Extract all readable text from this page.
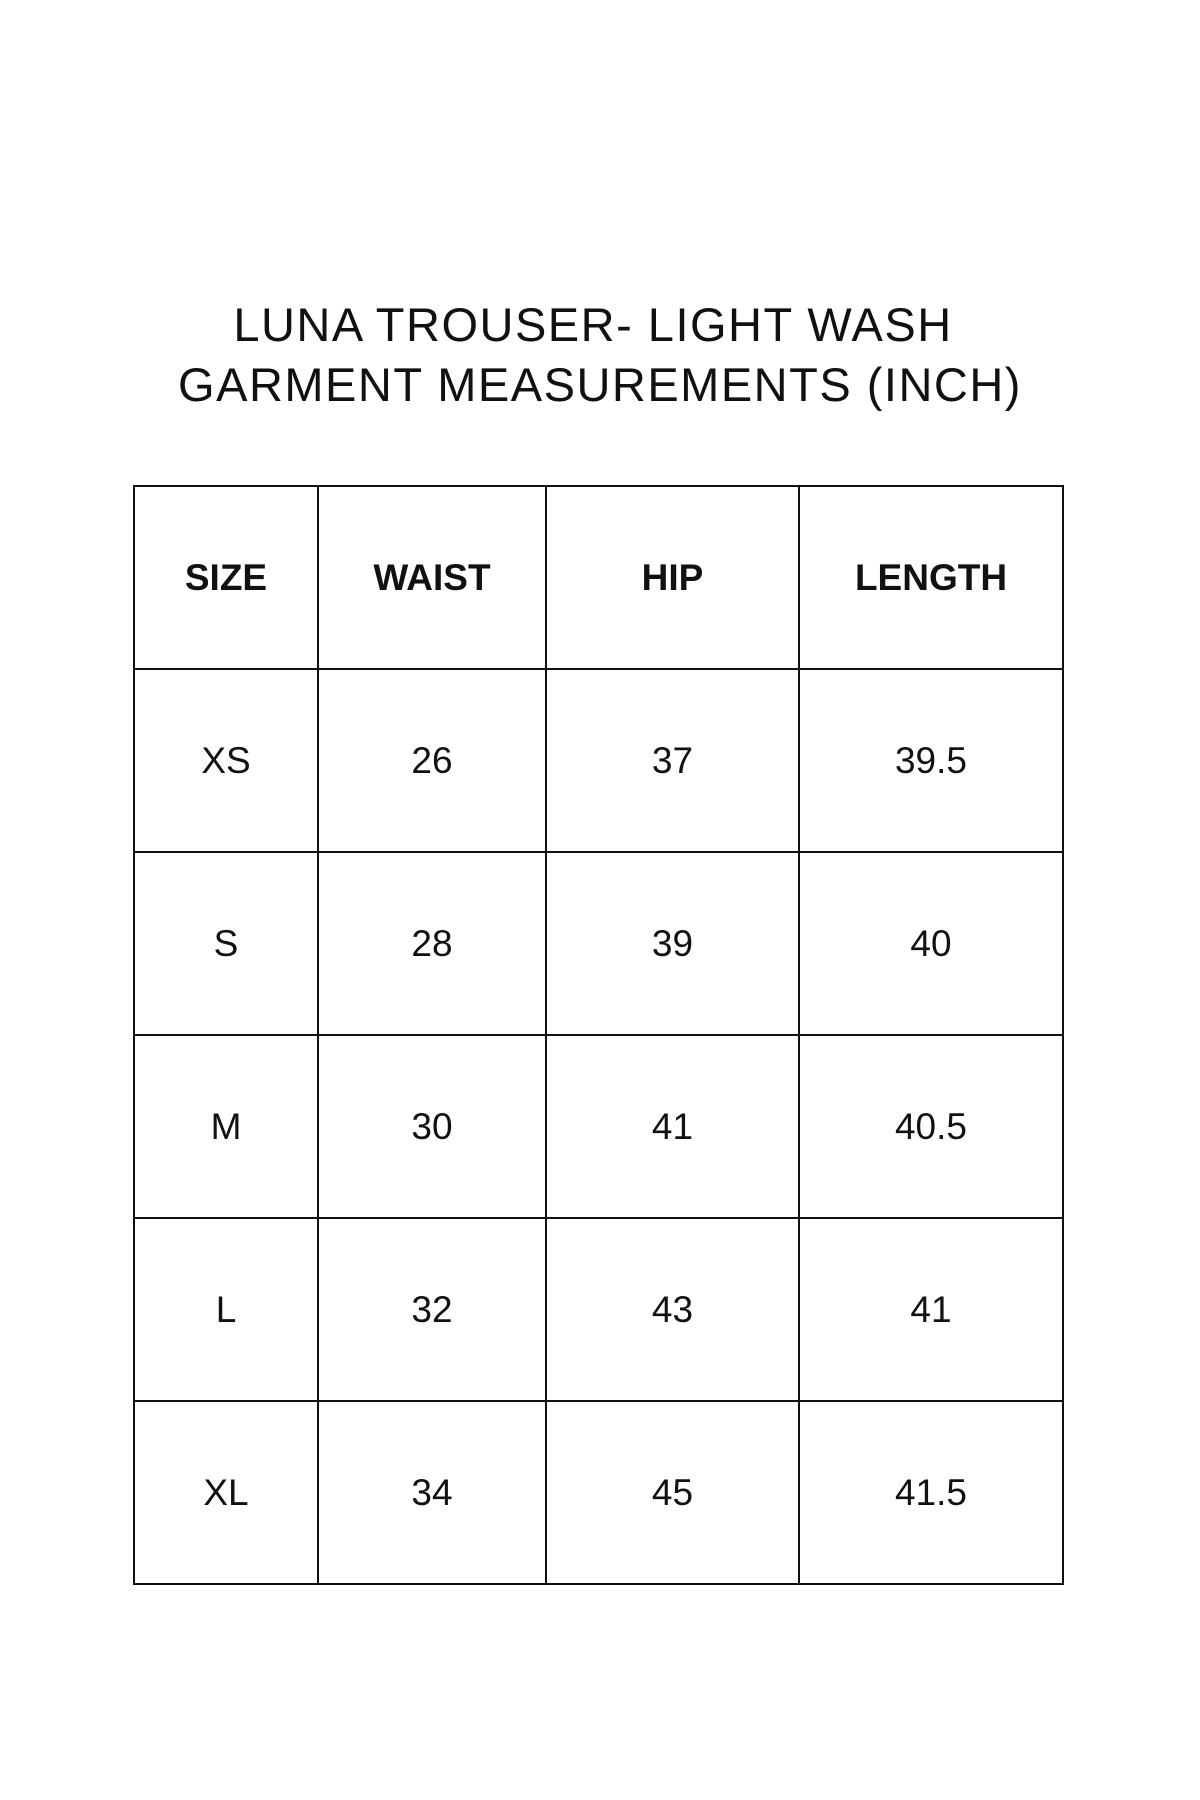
LUNA TROUSER- LIGHT WASH
GARMENT MEASUREMENTS (INCH)
SIZE	WAIST	HIP	LENGTH
XS	26	37	39.5
S	28	39	40
M	30	41	40.5
L	32	43	41
XL	34	45	41.5
